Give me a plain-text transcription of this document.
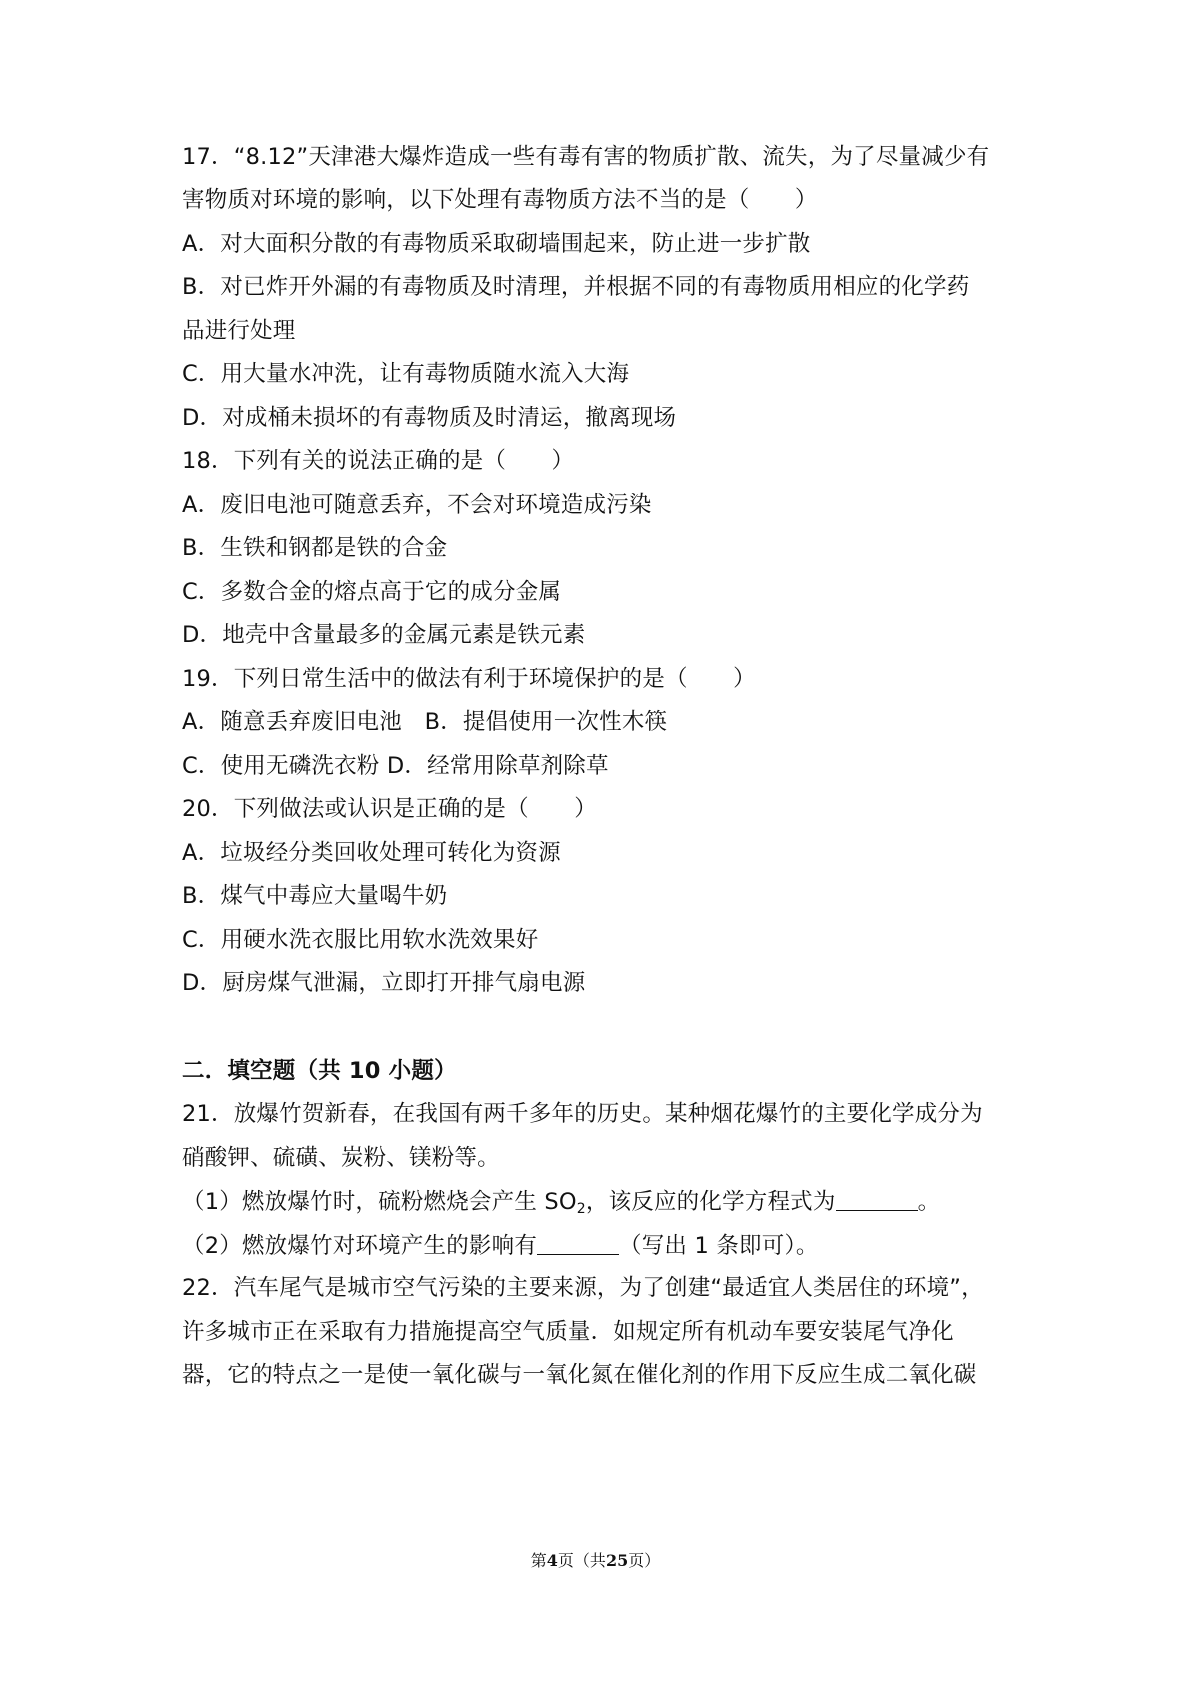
17．“8.12”天津港大爆炸造成一些有毒有害的物质扩散、流失，为了尽量减少有
害物质对环境的影响，以下处理有毒物质方法不当的是（　　）
A．对大面积分散的有毒物质采取砌墙围起来，防止进一步扩散
B．对已炸开外漏的有毒物质及时清理，并根据不同的有毒物质用相应的化学药
品进行处理
C．用大量水冲洗，让有毒物质随水流入大海
D．对成桶未损坏的有毒物质及时清运，撤离现场
18．下列有关的说法正确的是（　　）
A．废旧电池可随意丢弃，不会对环境造成污染
B．生铁和钢都是铁的合金
C．多数合金的熔点高于它的成分金属
D．地壳中含量最多的金属元素是铁元素
19．下列日常生活中的做法有利于环境保护的是（　　）
A．随意丢弃废旧电池　B．提倡使用一次性木筷
C．使用无磷洗衣粉 D．经常用除草剂除草
20．下列做法或认识是正确的是（　　）
A．垃圾经分类回收处理可转化为资源
B．煤气中毒应大量喝牛奶
C．用硬水洗衣服比用软水洗效果好
D．厨房煤气泄漏，立即打开排气扇电源
二．填空题（共 10 小题）
21．放爆竹贺新春，在我国有两千多年的历史。某种烟花爆竹的主要化学成分为
硝酸钾、硫磺、炭粉、镁粉等。
（1）燃放爆竹时，硫粉燃烧会产生 $SO_2$，该反应的化学方程式为	。
（2）燃放爆竹对环境产生的影响有	（写出 1 条即可）。
22．汽车尾气是城市空气污染的主要来源，为了创建“最适宜人类居住的环境”，
许多城市正在采取有力措施提高空气质量．如规定所有机动车要安装尾气净化
器，它的特点之一是使一氧化碳与一氧化氮在催化剂的作用下反应生成二氧化碳
第4页（共25页）
